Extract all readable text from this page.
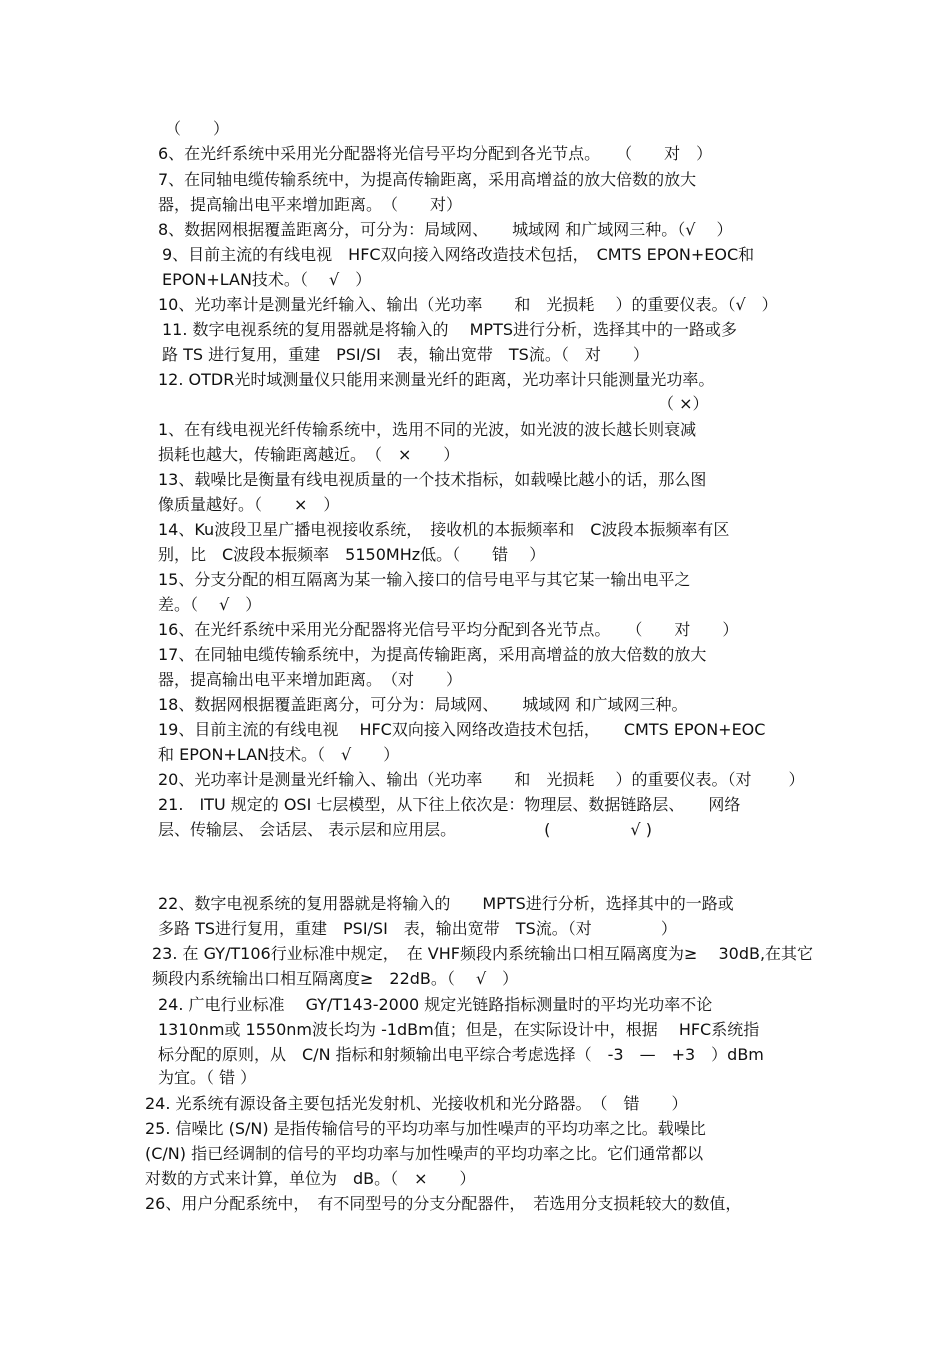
（　　）
6、在光纤系统中采用光分配器将光信号平均分配到各光节点。　　（　　对　）
7、在同轴电缆传输系统中，为提高传输距离，采用高增益的放大倍数的放大
器，提高输出电平来增加距离。　（　　对）
8、数据网根据覆盖距离分，可分为：局域网、　　城域网 和广域网三种。（√　 ）
9、目前主流的有线电视　HFC双向接入网络改造技术包括，　CMTS EPON+EOC和
EPON+LAN技术。（　 √　）
10、光功率计是测量光纤输入、输出（光功率　　和　光损耗　 ）的重要仪表。（√　）
11. 数字电视系统的复用器就是将输入的　 MPTS进行分析，选择其中的一路或多
路 TS 进行复用，重建　PSI/SI　表，输出宽带　TS流。（　对　　）
12. OTDR光时域测量仪只能用来测量光纤的距离，光功率计只能测量光功率。
（ ×）
1、在有线电视光纤传输系统中，选用不同的光波，如光波的波长越长则衰减
损耗也越大，传输距离越近。　（　×　　）
13、载噪比是衡量有线电视质量的一个技术指标，如载噪比越小的话，那么图
像质量越好。（　　×　）
14、Ku波段卫星广播电视接收系统，　接收机的本振频率和　C波段本振频率有区
别，比　C波段本振频率　5150MHz低。（　　错　 ）
15、分支分配的相互隔离为某一输入接口的信号电平与其它某一输出电平之
差。（　 √　）
16、在光纤系统中采用光分配器将光信号平均分配到各光节点。　　（　　对　　）
17、在同轴电缆传输系统中，为提高传输距离，采用高增益的放大倍数的放大
器，提高输出电平来增加距离。　（对　　）
18、数据网根据覆盖距离分，可分为：局域网、　　城域网 和广域网三种。
19、目前主流的有线电视　 HFC双向接入网络改造技术包括，　　CMTS EPON+EOC
和 EPON+LAN技术。（　√　　）
20、光功率计是测量光纤输入、输出（光功率　　和　光损耗　 ）的重要仪表。（对　　 ）
21.　ITU 规定的 OSI 七层模型，从下往上依次是：物理层、数据链路层、　　网络
层、传输层、 会话层、 表示层和应用层。　　　　　　(　　　　　√ )
22、数字电视系统的复用器就是将输入的　　MPTS进行分析，选择其中的一路或
多路 TS进行复用，重建　PSI/SI　表，输出宽带　TS流。（对　　　　 ）
23. 在 GY/T106行业标准中规定，　在 VHF频段内系统输出口相互隔离度为≥　 30dB,在其它
频段内系统输出口相互隔离度≥　22dB。（　 √　）
24. 广电行业标准　 GY/T143-2000 规定光链路指标测量时的平均光功率不论
1310nm或 1550nm波长均为 -1dBm值；但是，在实际设计中，根据　 HFC系统指
标分配的原则，从　C/N 指标和射频输出电平综合考虑选择（　-3　—　+3　）dBm
为宜。（ 错 ）
24. 光系统有源设备主要包括光发射机、光接收机和光分路器。　（　错　　）
25. 信噪比 (S/N) 是指传输信号的平均功率与加性噪声的平均功率之比。载噪比
(C/N) 指已经调制的信号的平均功率与加性噪声的平均功率之比。它们通常都以
对数的方式来计算，单位为　dB。（　×　　）
26、用户分配系统中，　有不同型号的分支分配器件，　若选用分支损耗较大的数值，
